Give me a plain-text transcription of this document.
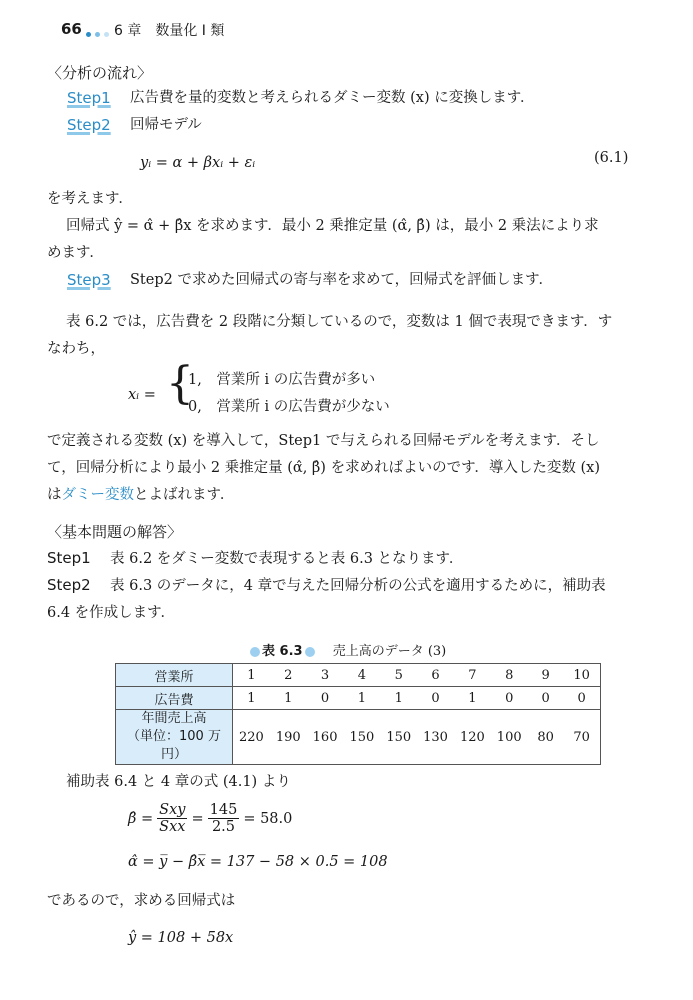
66 6 章　数量化 I 類
〈分析の流れ〉
Step1 広告費を量的変数と考えられるダミー変数 (x) に変換します．
Step2 回帰モデル
yᵢ = α + βxᵢ + εᵢ	(6.1)
を考えます．
回帰式 ŷ = α̂ + β̂x を求めます．最小 2 乗推定量 (α̂, β̂) は，最小 2 乗法により求
めます．
Step3 Step2 で求めた回帰式の寄与率を求めて，回帰式を評価します．
表 6.2 では，広告費を 2 段階に分類しているので，変数は 1 個で表現できます．す
なわち，
xᵢ = {
1,　営業所 i の広告費が多い
0,　営業所 i の広告費が少ない
で定義される変数 (x) を導入して，Step1 で与えられる回帰モデルを考えます．そし
て，回帰分析により最小 2 乗推定量 (α̂, β̂) を求めればよいのです．導入した変数 (x)
はダミー変数とよばれます．
〈基本問題の解答〉
Step1 表 6.2 をダミー変数で表現すると表 6.3 となります．
Step2 表 6.3 のデータに，4 章で与えた回帰分析の公式を適用するために，補助表
6.4 を作成します．
表 6.3 売上高のデータ (3)
営業所	1	2	3	4	5	6	7	8	9	10
広告費	1	1	0	1	1	0	1	0	0	0

年間売上高
（単位：100 万円）	220	190	160	150	150	130	120	100	80	70
補助表 6.4 と 4 章の式 (4.1) より
β̂ = $\frac{\text{Sxy}}{\text{Sxx}} = \frac{145}{2.5} = 58.0$
α̂ = y̅ − β̂x̅ = 137 − 58 × 0.5 = 108
であるので，求める回帰式は
ŷ = 108 + 58x
